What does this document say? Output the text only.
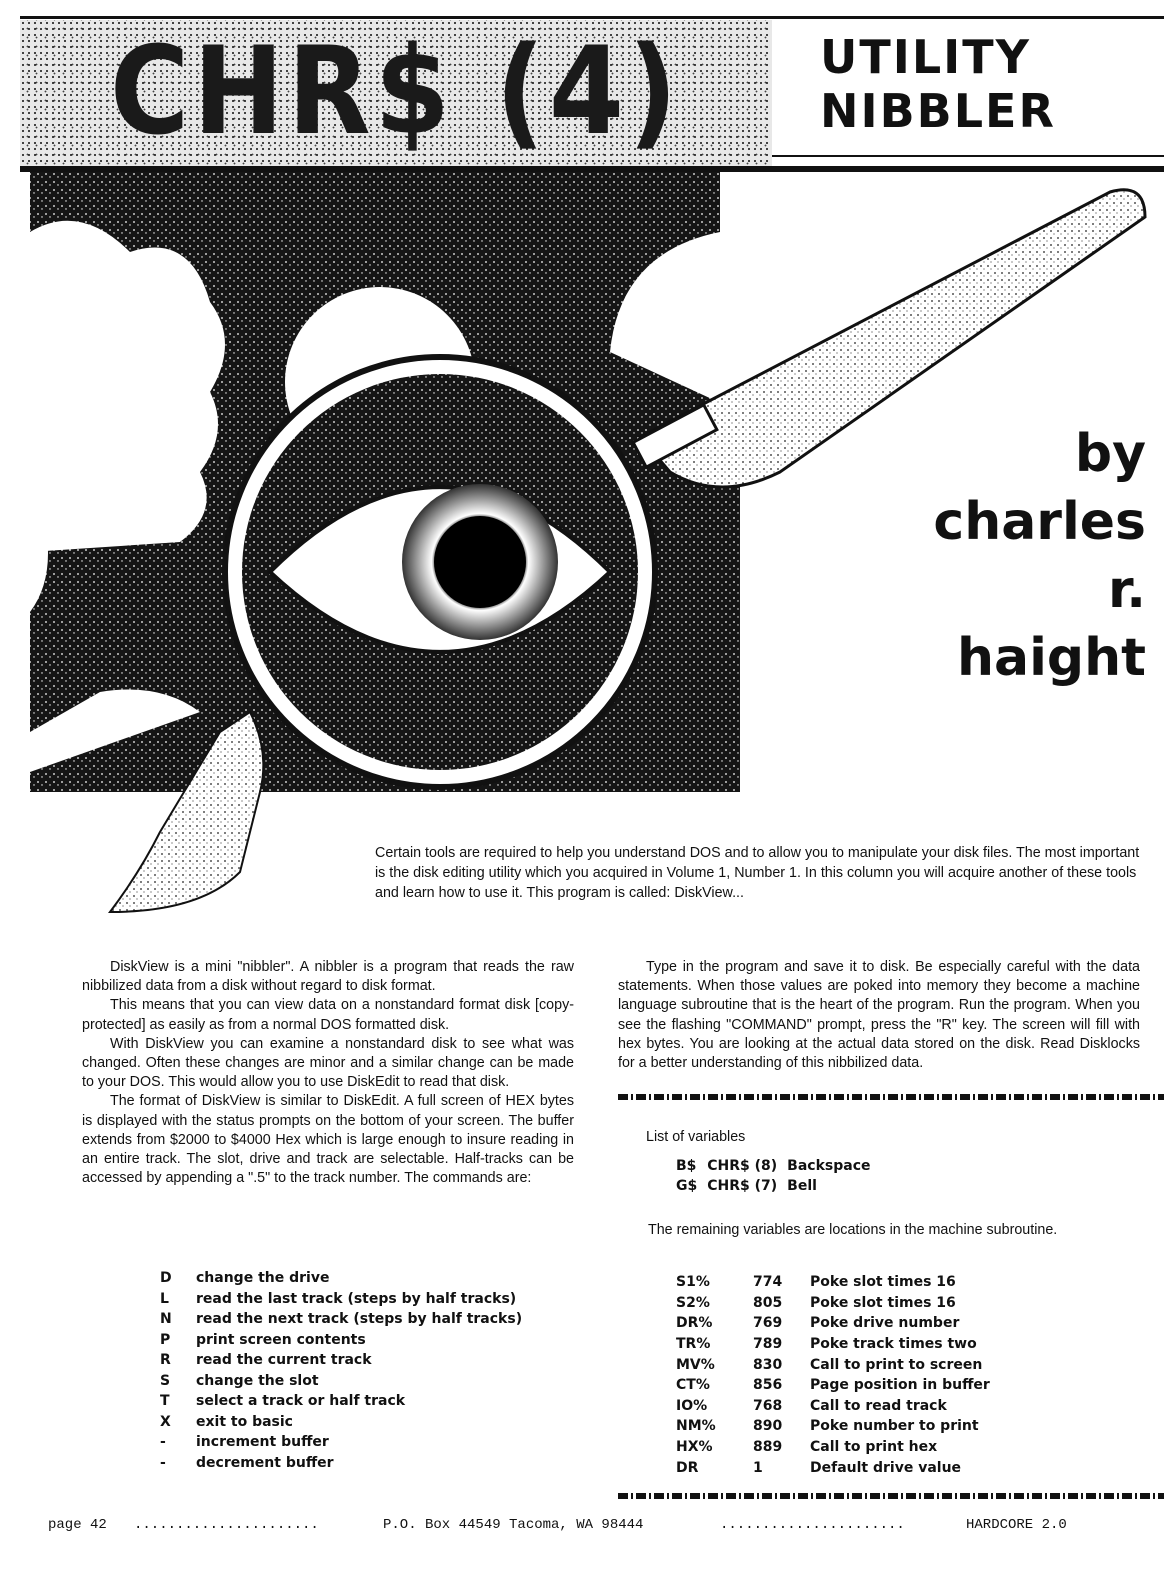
CHR$ (4)	UTILITY
NIBBLER
by
charles
r.
haight
Certain tools are required to help you understand DOS and to allow you to manipulate your disk files. The most important is the disk editing utility which you acquired in Volume 1, Number 1. In this column you will acquire another of these tools and learn how to use it. This program is called: DiskView...

DiskView is a mini "nibbler". A nibbler is a program that reads the raw nibbilized data from a disk without regard to disk format.

This means that you can view data on a nonstandard format disk [copy-protected] as easily as from a normal DOS formatted disk.

With DiskView you can examine a nonstandard disk to see what was changed. Often these changes are minor and a similar change can be made to your DOS. This would allow you to use DiskEdit to read that disk.

The format of DiskView is similar to DiskEdit. A full screen of HEX bytes is displayed with the status prompts on the bottom of your screen. The buffer extends from $2000 to $4000 Hex which is large enough to insure reading in an entire track. The slot, drive and track are selectable. Half-tracks can be accessed by appending a ".5" to the track number. The commands are:

D	change the drive
L	read the last track (steps by half tracks)
N	read the next track (steps by half tracks)
P	print screen contents
R	read the current track
S	change the slot
T	select a track or half track
X	exit to basic
-	increment buffer
-	decrement buffer

Type in the program and save it to disk. Be especially careful with the data statements. When those values are poked into memory they become a machine language subroutine that is the heart of the program. Run the program. When you see the flashing "COMMAND" prompt, press the "R" key. The screen will fill with hex bytes. You are looking at the actual data stored on the disk. Read Disklocks for a better understanding of this nibbilized data.

List of variables
B$	CHR$ (8)	Backspace
G$	CHR$ (7)	Bell
The remaining variables are locations in the machine subroutine.
S1%	774	Poke slot times 16
S2%	805	Poke slot times 16
DR%	769	Poke drive number
TR%	789	Poke track times two
MV%	830	Call to print to screen
CT%	856	Page position in buffer
IO%	768	Call to read track
NM%	890	Poke number to print
HX%	889	Call to print hex
DR	1	Default drive value
page 42 ......................	P.O. Box 44549 Tacoma, WA 98444	......................	HARDCORE 2.0
